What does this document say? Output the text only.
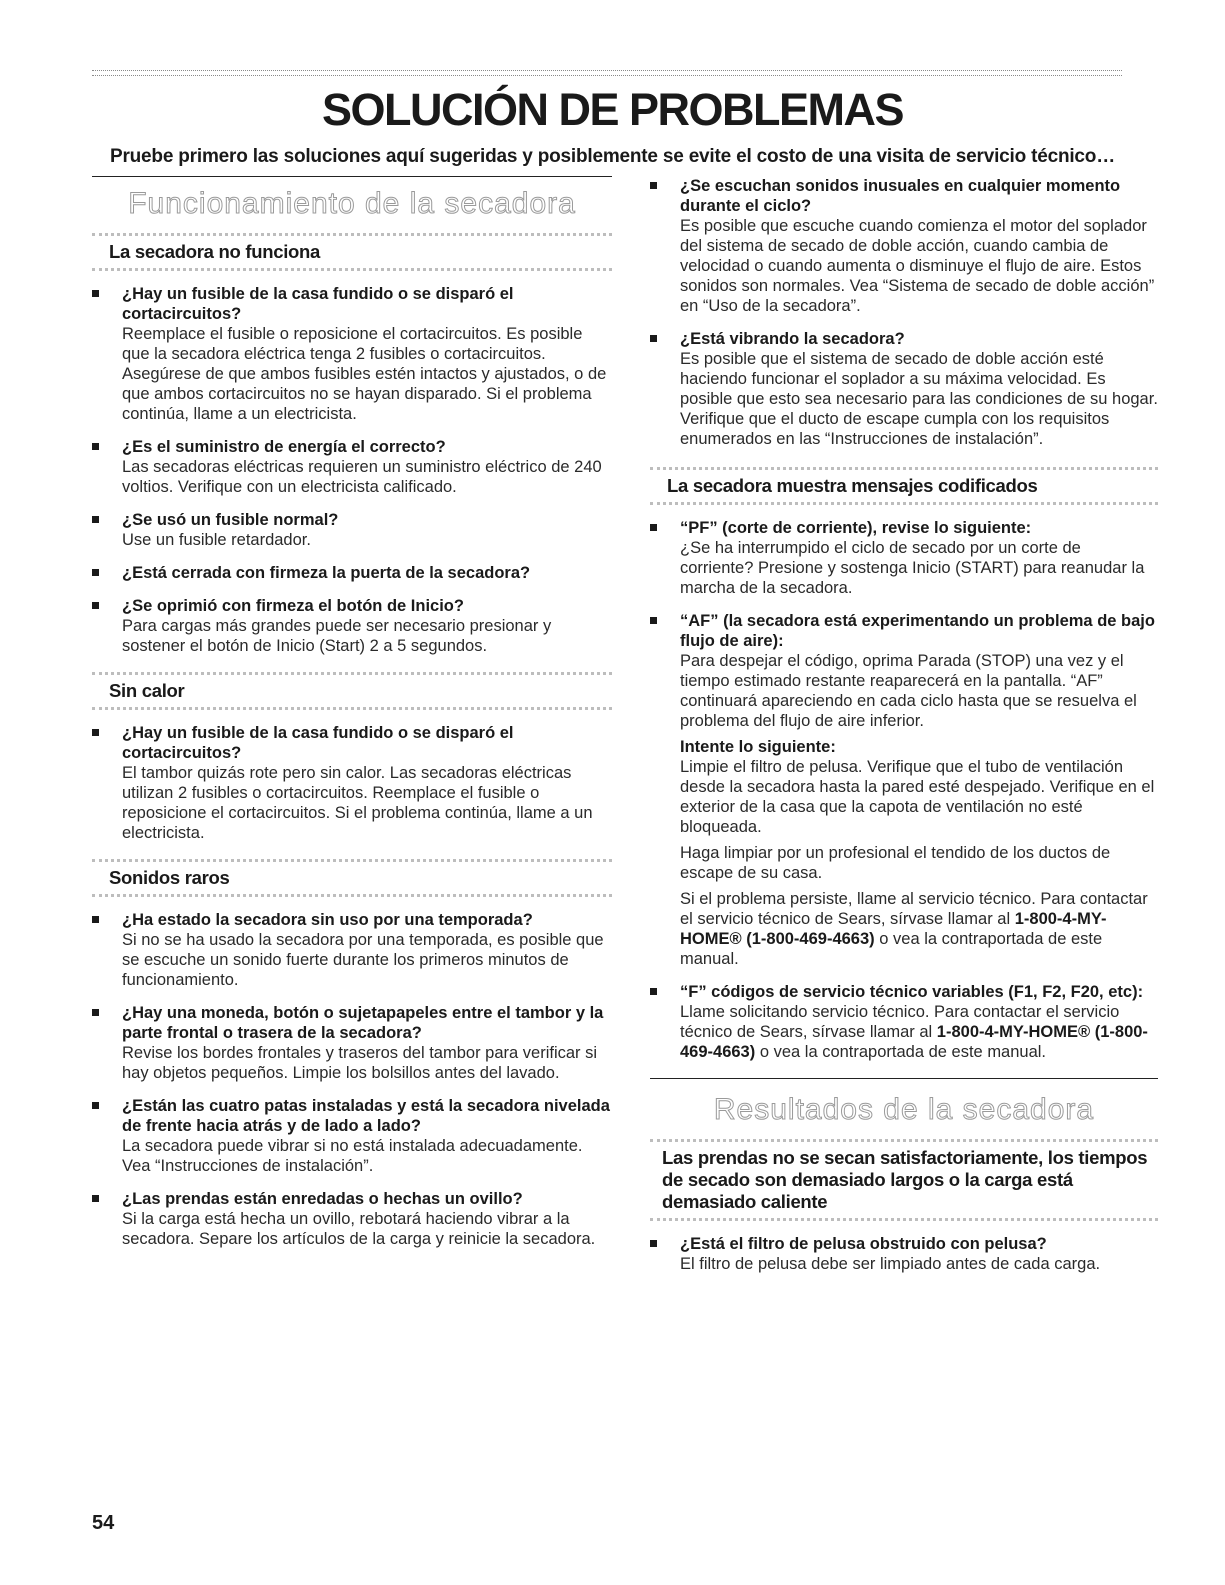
SOLUCIÓN DE PROBLEMAS

Pruebe primero las soluciones aquí sugeridas y posiblemente se evite el costo de una visita de servicio técnico…

Funcionamiento de la secadora
La secadora no funciona

¿Hay un fusible de la casa fundido o se disparó el cortacircuitos?

Reemplace el fusible o reposicione el cortacircuitos. Es posible que la secadora eléctrica tenga 2 fusibles o cortacircuitos. Asegúrese de que ambos fusibles estén intactos y ajustados, o de que ambos cortacircuitos no se hayan disparado. Si el problema continúa, llame a un electricista.

¿Es el suministro de energía el correcto?

Las secadoras eléctricas requieren un suministro eléctrico de 240 voltios. Verifique con un electricista calificado.

¿Se usó un fusible normal?

Use un fusible retardador.

¿Está cerrada con firmeza la puerta de la secadora?

¿Se oprimió con firmeza el botón de Inicio?

Para cargas más grandes puede ser necesario presionar y sostener el botón de Inicio (Start) 2 a 5 segundos.

Sin calor

¿Hay un fusible de la casa fundido o se disparó el cortacircuitos?

El tambor quizás rote pero sin calor. Las secadoras eléctricas utilizan 2 fusibles o cortacircuitos. Reemplace el fusible o reposicione el cortacircuitos. Si el problema continúa, llame a un electricista.

Sonidos raros

¿Ha estado la secadora sin uso por una temporada?

Si no se ha usado la secadora por una temporada, es posible que se escuche un sonido fuerte durante los primeros minutos de funcionamiento.

¿Hay una moneda, botón o sujetapapeles entre el tambor y la parte frontal o trasera de la secadora?

Revise los bordes frontales y traseros del tambor para verificar si hay objetos pequeños. Limpie los bolsillos antes del lavado.

¿Están las cuatro patas instaladas y está la secadora nivelada de frente hacia atrás y de lado a lado?

La secadora puede vibrar si no está instalada adecuadamente. Vea “Instrucciones de instalación”.

¿Las prendas están enredadas o hechas un ovillo?

Si la carga está hecha un ovillo, rebotará haciendo vibrar a la secadora. Separe los artículos de la carga y reinicie la secadora.

¿Se escuchan sonidos inusuales en cualquier momento durante el ciclo?

Es posible que escuche cuando comienza el motor del soplador del sistema de secado de doble acción, cuando cambia de velocidad o cuando aumenta o disminuye el flujo de aire. Estos sonidos son normales. Vea “Sistema de secado de doble acción” en “Uso de la secadora”.

¿Está vibrando la secadora?

Es posible que el sistema de secado de doble acción esté haciendo funcionar el soplador a su máxima velocidad. Es posible que esto sea necesario para las condiciones de su hogar. Verifique que el ducto de escape cumpla con los requisitos enumerados en las “Instrucciones de instalación”.

La secadora muestra mensajes codificados

“PF” (corte de corriente), revise lo siguiente:

¿Se ha interrumpido el ciclo de secado por un corte de corriente? Presione y sostenga Inicio (START) para reanudar la marcha de la secadora.

“AF” (la secadora está experimentando un problema de bajo flujo de aire):

Para despejar el código, oprima Parada (STOP) una vez y el tiempo estimado restante reaparecerá en la pantalla. “AF” continuará apareciendo en cada ciclo hasta que se resuelva el problema del flujo de aire inferior.

Intente lo siguiente:

Limpie el filtro de pelusa. Verifique que el tubo de ventilación desde la secadora hasta la pared esté despejado. Verifique en el exterior de la casa que la capota de ventilación no esté bloqueada.

Haga limpiar por un profesional el tendido de los ductos de escape de su casa.

Si el problema persiste, llame al servicio técnico. Para contactar el servicio técnico de Sears, sírvase llamar al 1-800-4-MY-HOME® (1-800-469-4663) o vea la contraportada de este manual.

“F” códigos de servicio técnico variables (F1, F2, F20, etc):

Llame solicitando servicio técnico. Para contactar el servicio técnico de Sears, sírvase llamar al 1-800-4-MY-HOME® (1-800-469-4663) o vea la contraportada de este manual.

Resultados de la secadora
Las prendas no se secan satisfactoriamente, los tiempos de secado son demasiado largos o la carga está demasiado caliente

¿Está el filtro de pelusa obstruido con pelusa?

El filtro de pelusa debe ser limpiado antes de cada carga.

54
